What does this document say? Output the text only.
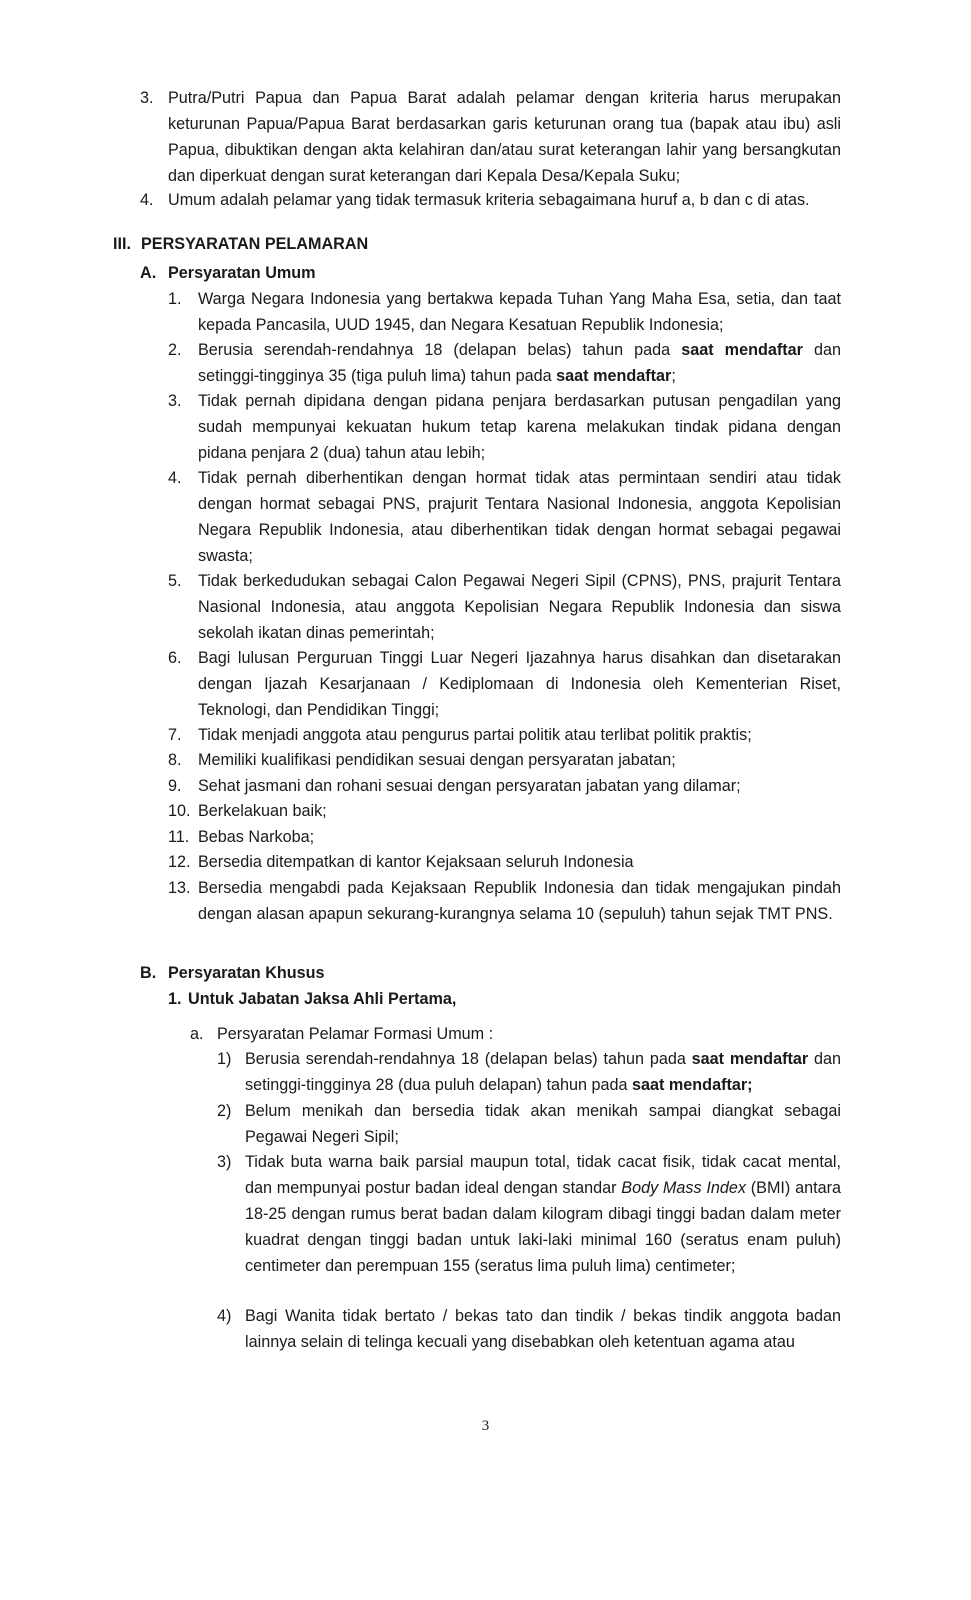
3. Putra/Putri Papua dan Papua Barat adalah pelamar dengan kriteria harus merupakan keturunan Papua/Papua Barat berdasarkan garis keturunan orang tua (bapak atau ibu) asli Papua, dibuktikan dengan akta kelahiran dan/atau surat keterangan lahir yang bersangkutan dan diperkuat dengan surat keterangan dari Kepala Desa/Kepala Suku;
4. Umum adalah pelamar yang tidak termasuk kriteria sebagaimana huruf a, b dan c di atas.
III. PERSYARATAN PELAMARAN
A. Persyaratan Umum
1.	Warga Negara Indonesia yang bertakwa kepada Tuhan Yang Maha Esa, setia, dan taat kepada Pancasila, UUD 1945, dan Negara Kesatuan Republik Indonesia;
2.	Berusia serendah-rendahnya 18 (delapan belas) tahun pada saat mendaftar dan setinggi-tingginya 35 (tiga puluh lima) tahun pada saat mendaftar;
3.	Tidak pernah dipidana dengan pidana penjara berdasarkan putusan pengadilan yang sudah mempunyai kekuatan hukum tetap karena melakukan tindak pidana dengan pidana penjara 2 (dua) tahun atau lebih;
4.	Tidak pernah diberhentikan dengan hormat tidak atas permintaan sendiri atau tidak dengan hormat sebagai PNS, prajurit Tentara Nasional Indonesia, anggota Kepolisian Negara Republik Indonesia, atau diberhentikan tidak dengan hormat sebagai pegawai swasta;
5.	Tidak berkedudukan sebagai Calon Pegawai Negeri Sipil (CPNS), PNS, prajurit Tentara Nasional Indonesia, atau anggota Kepolisian Negara Republik Indonesia dan siswa sekolah ikatan dinas pemerintah;
6.	Bagi lulusan Perguruan Tinggi Luar Negeri Ijazahnya harus disahkan dan disetarakan dengan Ijazah Kesarjanaan / Kediplomaan di Indonesia oleh Kementerian Riset, Teknologi, dan Pendidikan Tinggi;
7.	Tidak menjadi anggota atau pengurus partai politik atau terlibat politik praktis;
8.	Memiliki kualifikasi pendidikan sesuai dengan persyaratan jabatan;
9.	Sehat jasmani dan rohani sesuai dengan persyaratan jabatan yang dilamar;
10. Berkelakuan baik;
11. Bebas Narkoba;
12. Bersedia ditempatkan di kantor Kejaksaan seluruh Indonesia
13. Bersedia mengabdi pada Kejaksaan Republik Indonesia dan tidak mengajukan pindah dengan alasan apapun sekurang-kurangnya selama 10 (sepuluh) tahun sejak TMT PNS.
B. Persyaratan Khusus
1. Untuk Jabatan Jaksa Ahli Pertama,
a. Persyaratan Pelamar Formasi Umum :
1) Berusia serendah-rendahnya 18 (delapan belas) tahun pada saat mendaftar dan setinggi-tingginya 28 (dua puluh delapan) tahun pada saat mendaftar;
2) Belum menikah dan bersedia tidak akan menikah sampai diangkat sebagai Pegawai Negeri Sipil;
3) Tidak buta warna baik parsial maupun total, tidak cacat fisik, tidak cacat mental, dan mempunyai postur badan ideal dengan standar Body Mass Index (BMI) antara 18-25 dengan rumus berat badan dalam kilogram dibagi tinggi badan dalam meter kuadrat dengan tinggi badan untuk laki-laki minimal 160 (seratus enam puluh) centimeter dan perempuan 155 (seratus lima puluh lima) centimeter;
4) Bagi Wanita tidak bertato / bekas tato dan tindik / bekas tindik anggota badan lainnya selain di telinga kecuali yang disebabkan oleh ketentuan agama atau
3
